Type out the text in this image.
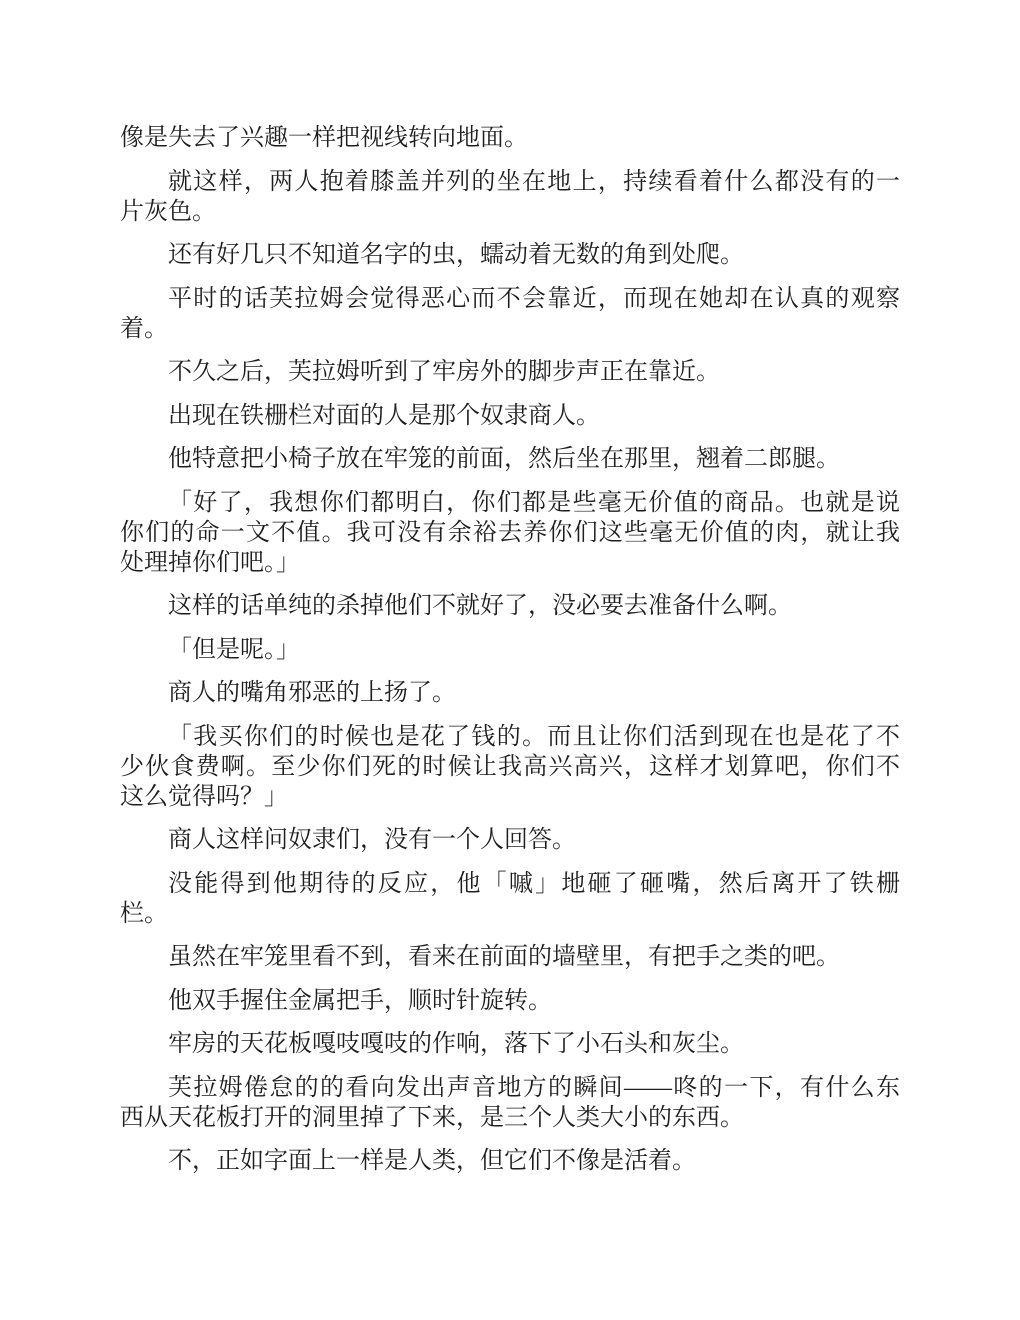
像是失去了兴趣一样把视线转向地面。
就这样，两人抱着膝盖并列的坐在地上，持续看着什么都没有的一
片灰色。
还有好几只不知道名字的虫，蠕动着无数的角到处爬。
平时的话芙拉姆会觉得恶心而不会靠近，而现在她却在认真的观察
着。
不久之后，芙拉姆听到了牢房外的脚步声正在靠近。
出现在铁栅栏对面的人是那个奴隶商人。
他特意把小椅子放在牢笼的前面，然后坐在那里，翘着二郎腿。
「好了，我想你们都明白，你们都是些毫无价值的商品。也就是说
你们的命一文不值。我可没有余裕去养你们这些毫无价值的肉，就让我
处理掉你们吧。」
这样的话单纯的杀掉他们不就好了，没必要去准备什么啊。
「但是呢。」
商人的嘴角邪恶的上扬了。
「我买你们的时候也是花了钱的。而且让你们活到现在也是花了不
少伙食费啊。至少你们死的时候让我高兴高兴，这样才划算吧，你们不
这么觉得吗？」
商人这样问奴隶们，没有一个人回答。
没能得到他期待的反应，他「嘁」地砸了砸嘴，然后离开了铁栅
栏。
虽然在牢笼里看不到，看来在前面的墙壁里，有把手之类的吧。
他双手握住金属把手，顺时针旋转。
牢房的天花板嘎吱嘎吱的作响，落下了小石头和灰尘。
芙拉姆倦怠的的看向发出声音地方的瞬间——咚的一下，有什么东
西从天花板打开的洞里掉了下来，是三个人类大小的东西。
不，正如字面上一样是人类，但它们不像是活着。
